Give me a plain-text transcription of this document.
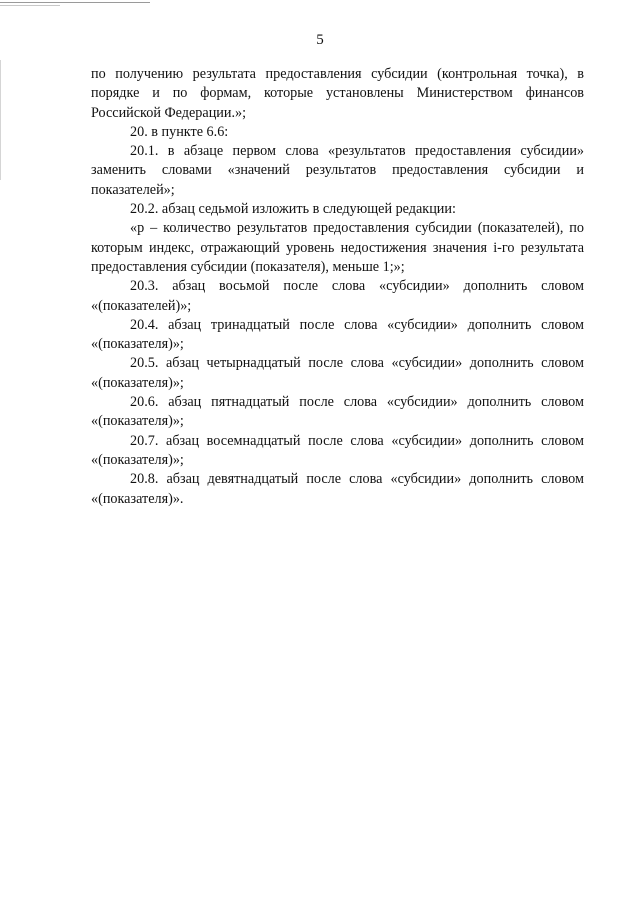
5

по получению результата предоставления субсидии (контрольная точка), в порядке и по формам, которые установлены Министерством финансов Российской Федерации.»;

20. в пункте 6.6:

20.1. в абзаце первом слова «результатов предоставления субсидии» заменить словами «значений результатов предоставления субсидии и показателей»;

20.2. абзац седьмой изложить в следующей редакции:

«р – количество результатов предоставления субсидии (показателей), по которым индекс, отражающий уровень недостижения значения i-го результата предоставления субсидии (показателя), меньше 1;»;

20.3. абзац восьмой после слова «субсидии» дополнить словом «(показателей)»;

20.4. абзац тринадцатый после слова «субсидии» дополнить словом «(показателя)»;

20.5. абзац четырнадцатый после слова «субсидии» дополнить словом «(показателя)»;

20.6. абзац пятнадцатый после слова «субсидии» дополнить словом «(показателя)»;

20.7. абзац восемнадцатый после слова «субсидии» дополнить словом «(показателя)»;

20.8. абзац девятнадцатый после слова «субсидии» дополнить словом «(показателя)».
